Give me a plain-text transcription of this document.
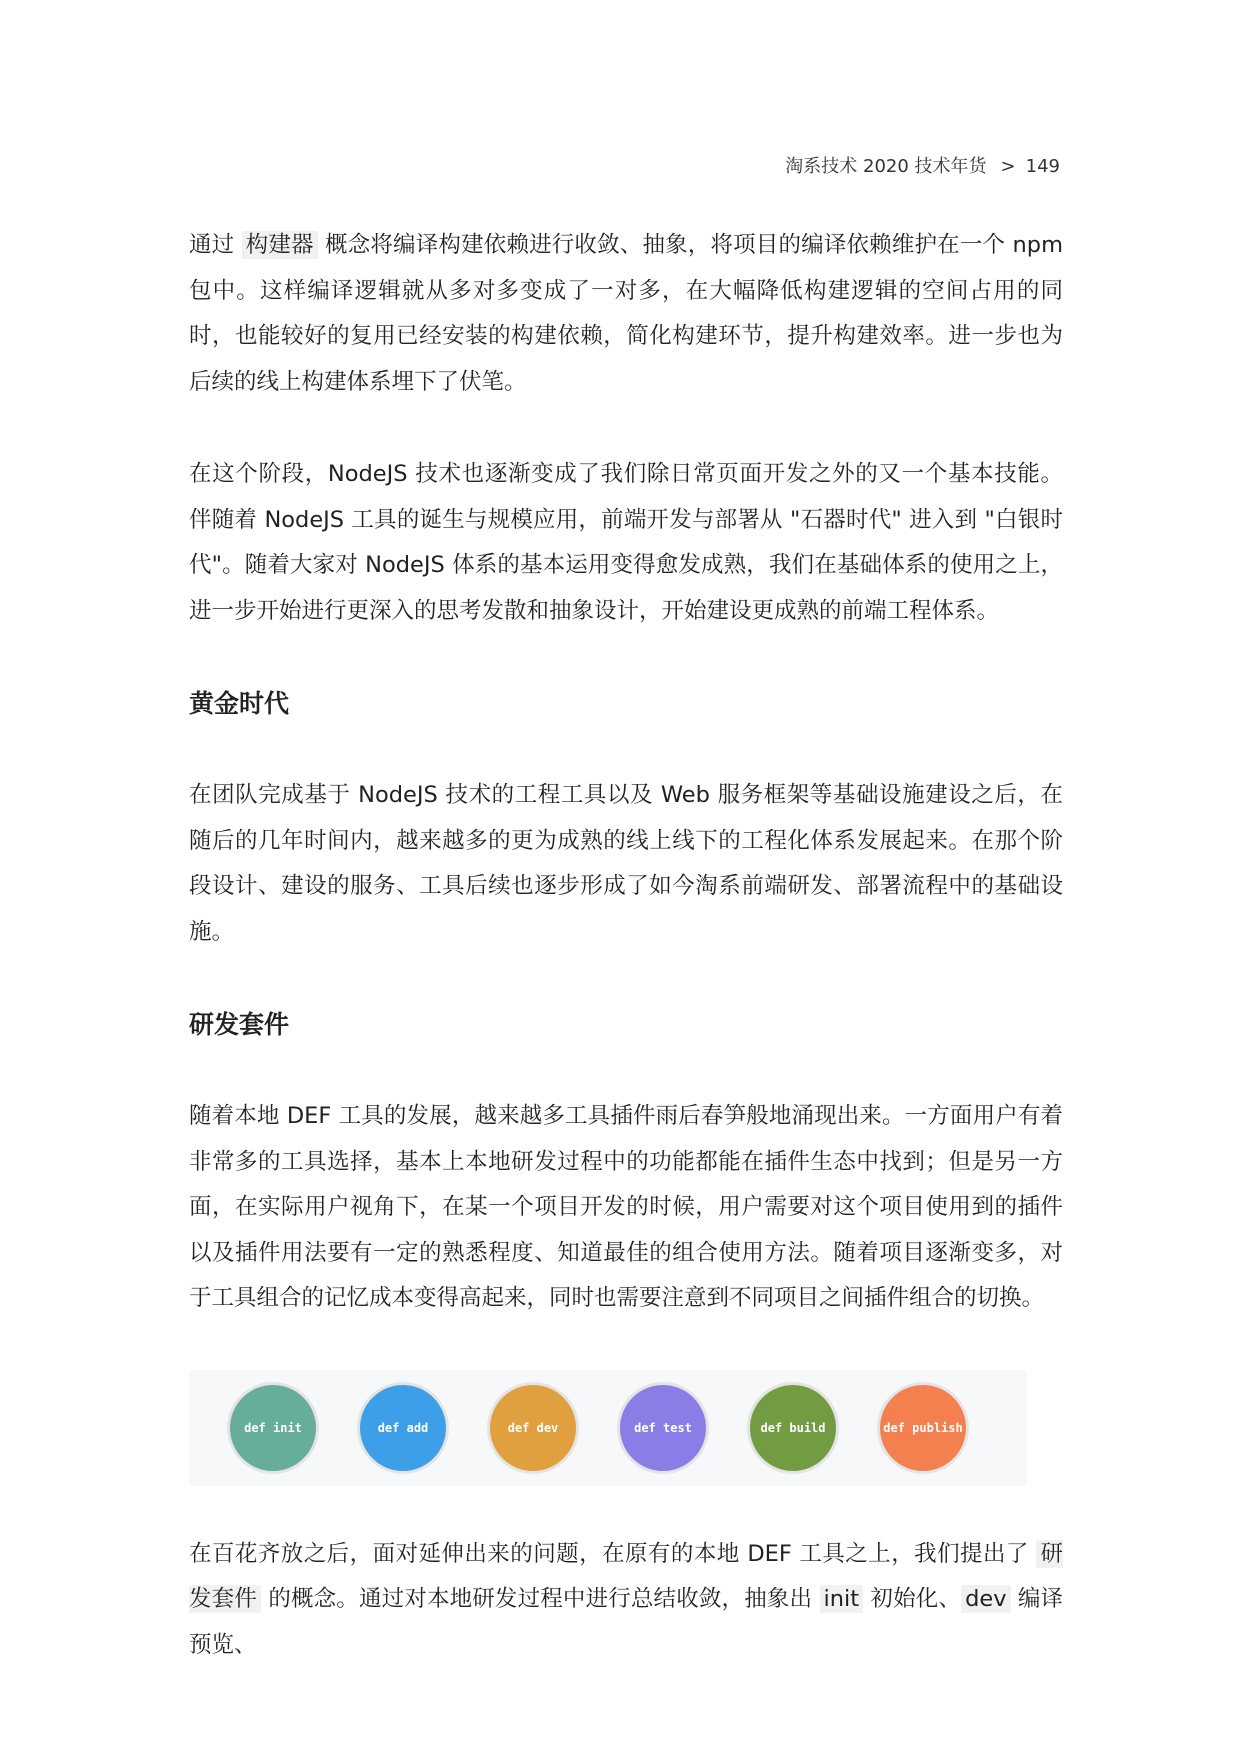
淘系技术 2020 技术年货 > 149

通过 构建器 概念将编译构建依赖进行收敛、抽象，将项目的编译依赖维护在一个 npm 包中。这样编译逻辑就从多对多变成了一对多，在大幅降低构建逻辑的空间占用的同时，也能较好的复用已经安装的构建依赖，简化构建环节，提升构建效率。进一步也为后续的线上构建体系埋下了伏笔。

在这个阶段，NodeJS 技术也逐渐变成了我们除日常页面开发之外的又一个基本技能。伴随着 NodeJS 工具的诞生与规模应用，前端开发与部署从 "石器时代" 进入到 "白银时代"。随着大家对 NodeJS 体系的基本运用变得愈发成熟，我们在基础体系的使用之上，进一步开始进行更深入的思考发散和抽象设计，开始建设更成熟的前端工程体系。

黄金时代

在团队完成基于 NodeJS 技术的工程工具以及 Web 服务框架等基础设施建设之后，在随后的几年时间内，越来越多的更为成熟的线上线下的工程化体系发展起来。在那个阶段设计、建设的服务、工具后续也逐步形成了如今淘系前端研发、部署流程中的基础设施。

研发套件

随着本地 DEF 工具的发展，越来越多工具插件雨后春笋般地涌现出来。一方面用户有着非常多的工具选择，基本上本地研发过程中的功能都能在插件生态中找到；但是另一方面，在实际用户视角下，在某一个项目开发的时候，用户需要对这个项目使用到的插件以及插件用法要有一定的熟悉程度、知道最佳的组合使用方法。随着项目逐渐变多，对于工具组合的记忆成本变得高起来，同时也需要注意到不同项目之间插件组合的切换。

def init	def add	def dev	def test	def build	def publish

在百花齐放之后，面对延伸出来的问题，在原有的本地 DEF 工具之上，我们提出了 研发套件 的概念。通过对本地研发过程中进行总结收敛，抽象出 init 初始化、 dev 编译预览、
